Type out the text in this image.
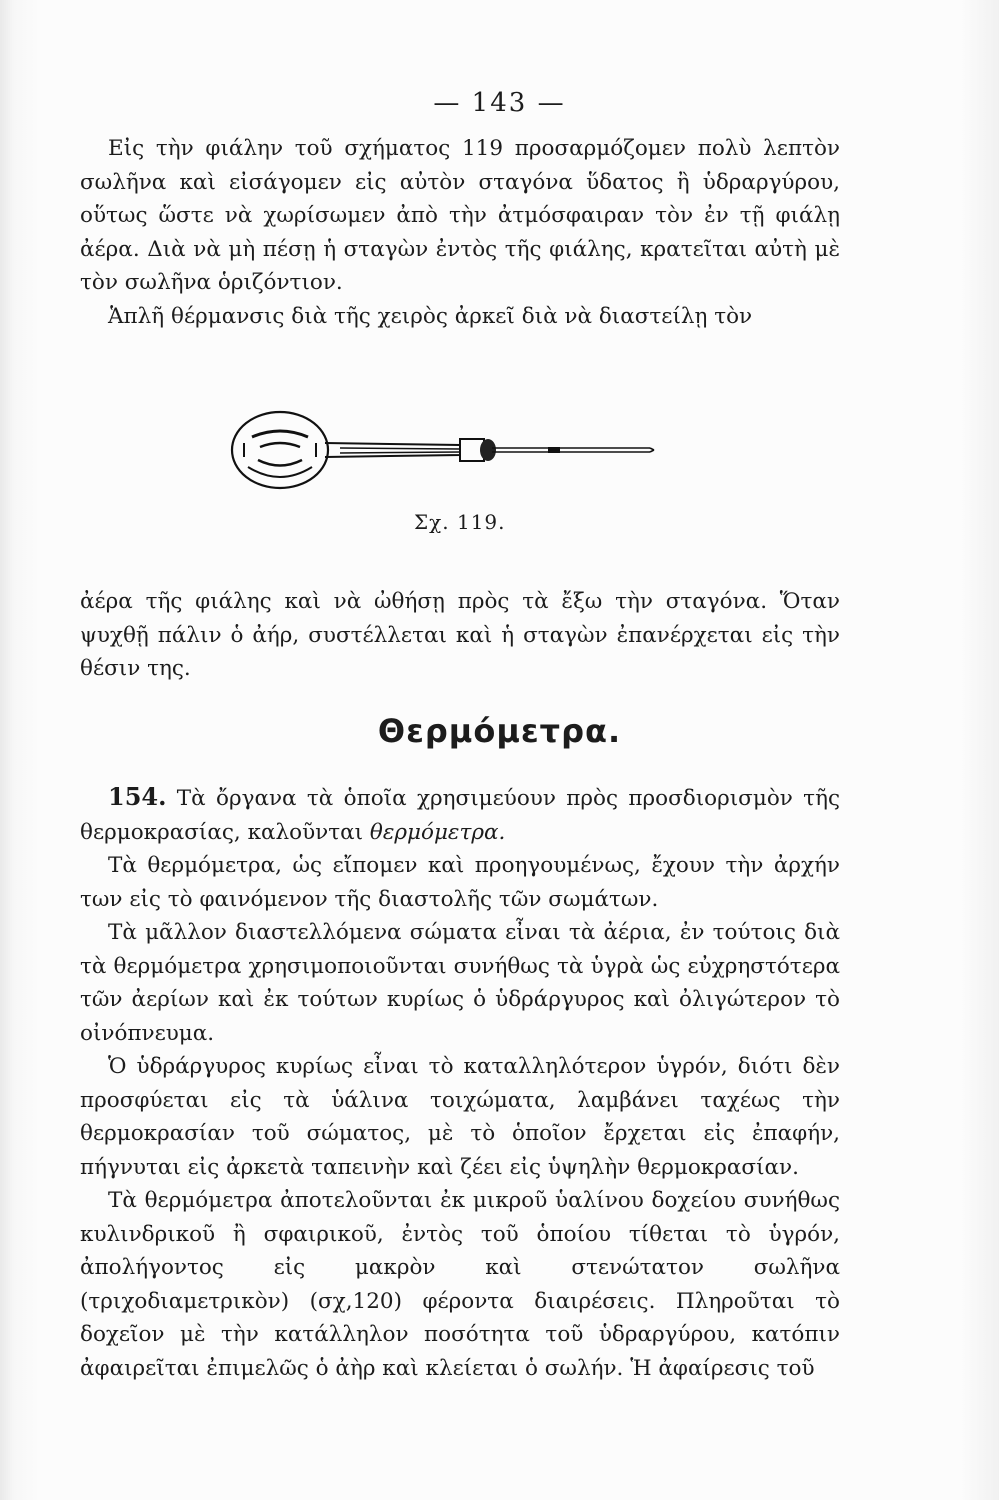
— 143 —

Εἰς τὴν φιάλην τοῦ σχήματος 119 προσαρμόζομεν πολὺ λεπτὸν σωλῆνα καὶ εἰσάγομεν εἰς αὐτὸν σταγόνα ὕδατος ἢ ὑδραργύρου, οὕτως ὥστε νὰ χωρίσωμεν ἀπὸ τὴν ἀτμόσφαιραν τὸν ἐν τῇ φιάλῃ ἀέρα. Διὰ νὰ μὴ πέσῃ ἡ σταγὼν ἐντὸς τῆς φιάλης, κρατεῖται αὐτὴ μὲ τὸν σωλῆνα ὁριζόντιον.

Ἁπλῆ θέρμανσις διὰ τῆς χειρὸς ἀρκεῖ διὰ νὰ διαστείλῃ τὸν

Σχ. 119.

ἀέρα τῆς φιάλης καὶ νὰ ὠθήσῃ πρὸς τὰ ἔξω τὴν σταγόνα. Ὅταν ψυχθῇ πάλιν ὁ ἀήρ, συστέλλεται καὶ ἡ σταγὼν ἐπανέρχεται εἰς τὴν θέσιν της.

Θερμόμετρα.

154. Τὰ ὄργανα τὰ ὁποῖα χρησιμεύουν πρὸς προσδιορισμὸν τῆς θερμοκρασίας, καλοῦνται θερμόμετρα.

Τὰ θερμόμετρα, ὡς εἴπομεν καὶ προηγουμένως, ἔχουν τὴν ἀρχήν των εἰς τὸ φαινόμενον τῆς διαστολῆς τῶν σωμάτων.

Τὰ μᾶλλον διαστελλόμενα σώματα εἶναι τὰ ἀέρια, ἐν τούτοις διὰ τὰ θερμόμετρα χρησιμοποιοῦνται συνήθως τὰ ὑγρὰ ὡς εὐχρηστότερα τῶν ἀερίων καὶ ἐκ τούτων κυρίως ὁ ὑδράργυρος καὶ ὀλιγώτερον τὸ οἰνόπνευμα.

Ὁ ὑδράργυρος κυρίως εἶναι τὸ καταλληλότερον ὑγρόν, διότι δὲν προσφύεται εἰς τὰ ὑάλινα τοιχώματα, λαμβάνει ταχέως τὴν θερμοκρασίαν τοῦ σώματος, μὲ τὸ ὁποῖον ἔρχεται εἰς ἐπαφήν, πήγνυται εἰς ἀρκετὰ ταπεινὴν καὶ ζέει εἰς ὑψηλὴν θερμοκρασίαν.

Τὰ θερμόμετρα ἀποτελοῦνται ἐκ μικροῦ ὑαλίνου δοχείου συνήθως κυλινδρικοῦ ἢ σφαιρικοῦ, ἐντὸς τοῦ ὁποίου τίθεται τὸ ὑγρόν, ἀπολήγοντος εἰς μακρὸν καὶ στενώτατον σωλῆνα (τριχοδιαμετρικὸν) (σχ,120) φέροντα διαιρέσεις. Πληροῦται τὸ δοχεῖον μὲ τὴν κατάλληλον ποσότητα τοῦ ὑδραργύρου, κατόπιν ἀφαιρεῖται ἐπιμελῶς ὁ ἀὴρ καὶ κλείεται ὁ σωλήν. Ἡ ἀφαίρεσις τοῦ
